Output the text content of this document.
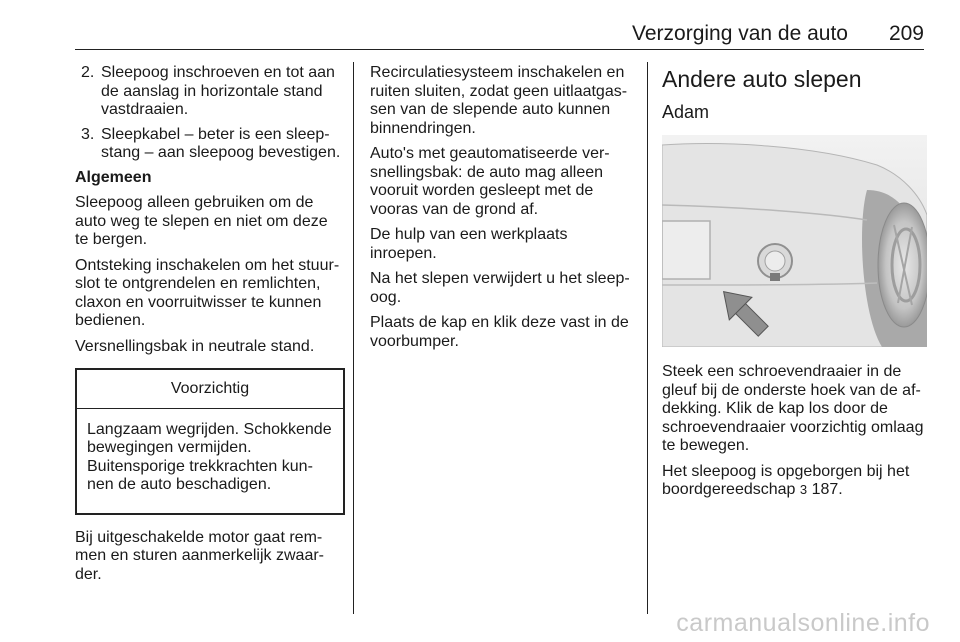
Verzorging van de auto 209
2. Sleepoog inschroeven en tot aan de aanslag in horizontale stand vastdraaien.
3. Sleepkabel – beter is een sleepstang – aan sleepoog bevestigen.

Algemeen

Sleepoog alleen gebruiken om de auto weg te slepen en niet om deze te bergen.

Ontsteking inschakelen om het stuurslot te ontgrendelen en remlichten, claxon en voorruitwisser te kunnen bedienen.

Versnellingsbak in neutrale stand.

Voorzichtig

Langzaam wegrijden. Schokkende bewegingen vermijden. Buitensporige trekkrachten kunnen de auto beschadigen.

Bij uitgeschakelde motor gaat remmen en sturen aanmerkelijk zwaarder.

Recirculatiesysteem inschakelen en ruiten sluiten, zodat geen uitlaatgassen van de slepende auto kunnen binnendringen.

Auto's met geautomatiseerde versnellingsbak: de auto mag alleen vooruit worden gesleept met de vooras van de grond af.

De hulp van een werkplaats inroepen.

Na het slepen verwijdert u het sleepoog.

Plaats de kap en klik deze vast in de voorbumper.

Andere auto slepen
Adam

Steek een schroevendraaier in de gleuf bij de onderste hoek van de afdekking. Klik de kap los door de schroevendraaier voorzichtig omlaag te bewegen.

Het sleepoog is opgeborgen bij het boordgereedschap 3 187.

carmanualsonline.info
